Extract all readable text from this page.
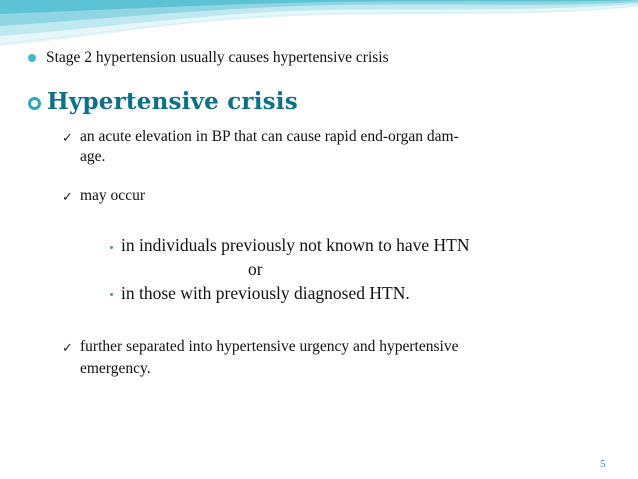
Stage 2 hypertension usually causes hypertensive crisis
Hypertensive crisis
✓ an acute elevation in BP that can cause rapid end-organ dam-
age.
✓ may occur
in individuals previously not known to have HTN
or
in those with previously diagnosed HTN.
✓ further separated into hypertensive urgency and hypertensive
emergency.
5
